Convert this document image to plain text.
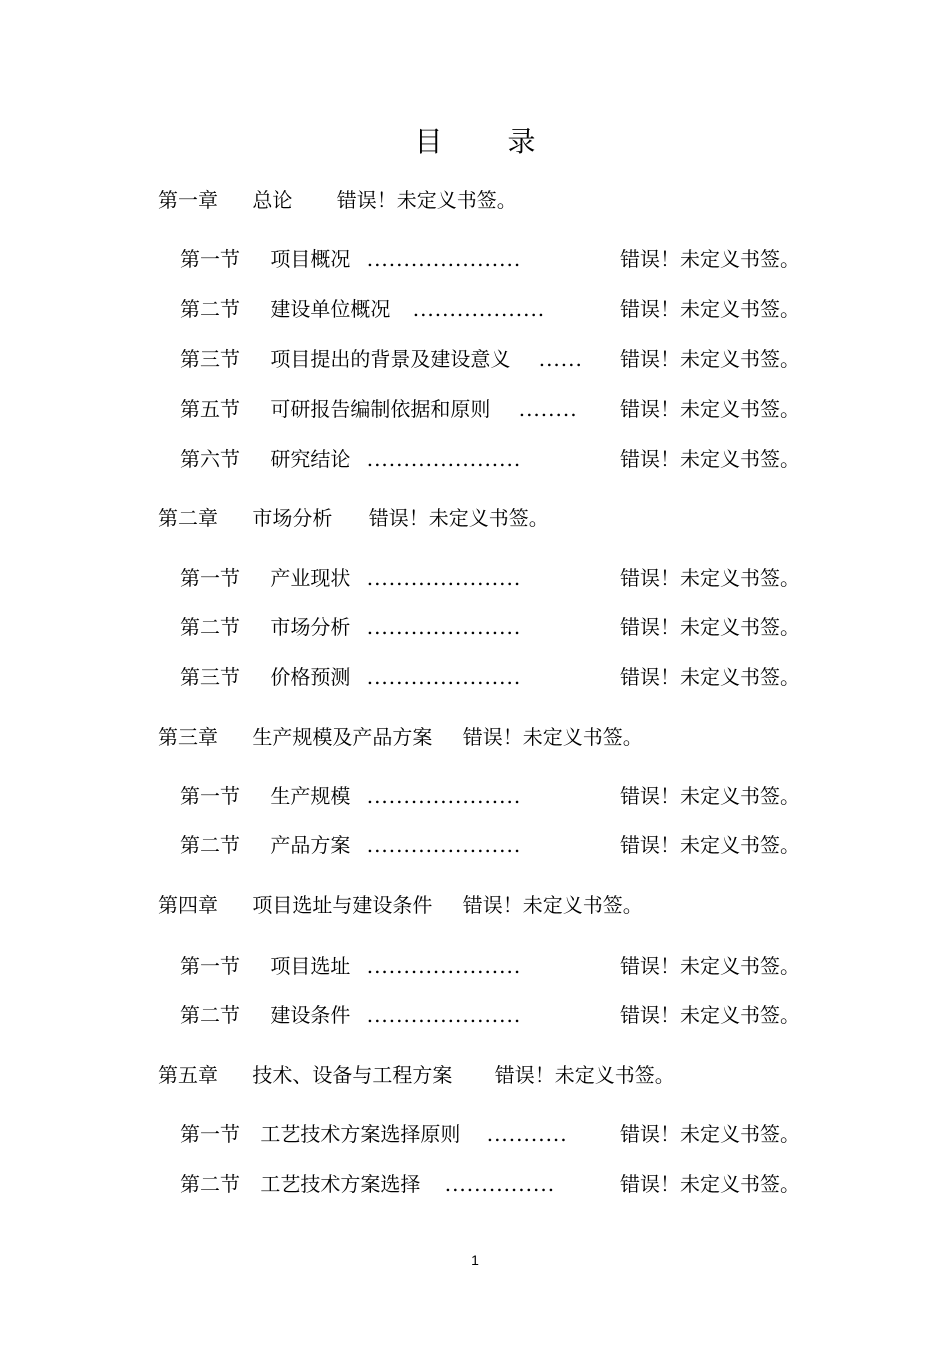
目 录
第一章 总论 错误！未定义书签。
第一节 项目概况 .....................	错误！未定义书签。
第二节 建设单位概况 ..................	错误！未定义书签。
第三节 项目提出的背景及建设意义 ...... 错误！未定义书签。
第五节 可研报告编制依据和原则 ........ 错误！未定义书签。
第六节 研究结论 .....................	错误！未定义书签。
第二章 市场分析 错误！未定义书签。
第一节 产业现状 .....................	错误！未定义书签。
第二节 市场分析 .....................	错误！未定义书签。
第三节 价格预测 .....................	错误！未定义书签。
第三章 生产规模及产品方案 错误！未定义书签。
第一节 生产规模 .....................	错误！未定义书签。
第二节 产品方案 .....................	错误！未定义书签。
第四章 项目选址与建设条件 错误！未定义书签。
第一节 项目选址 .....................	错误！未定义书签。
第二节 建设条件 .....................	错误！未定义书签。
第五章 技术、设备与工程方案 错误！未定义书签。
第一节 工艺技术方案选择原则 ...........	错误！未定义书签。
第二节 工艺技术方案选择 ...............	错误！未定义书签。
1
